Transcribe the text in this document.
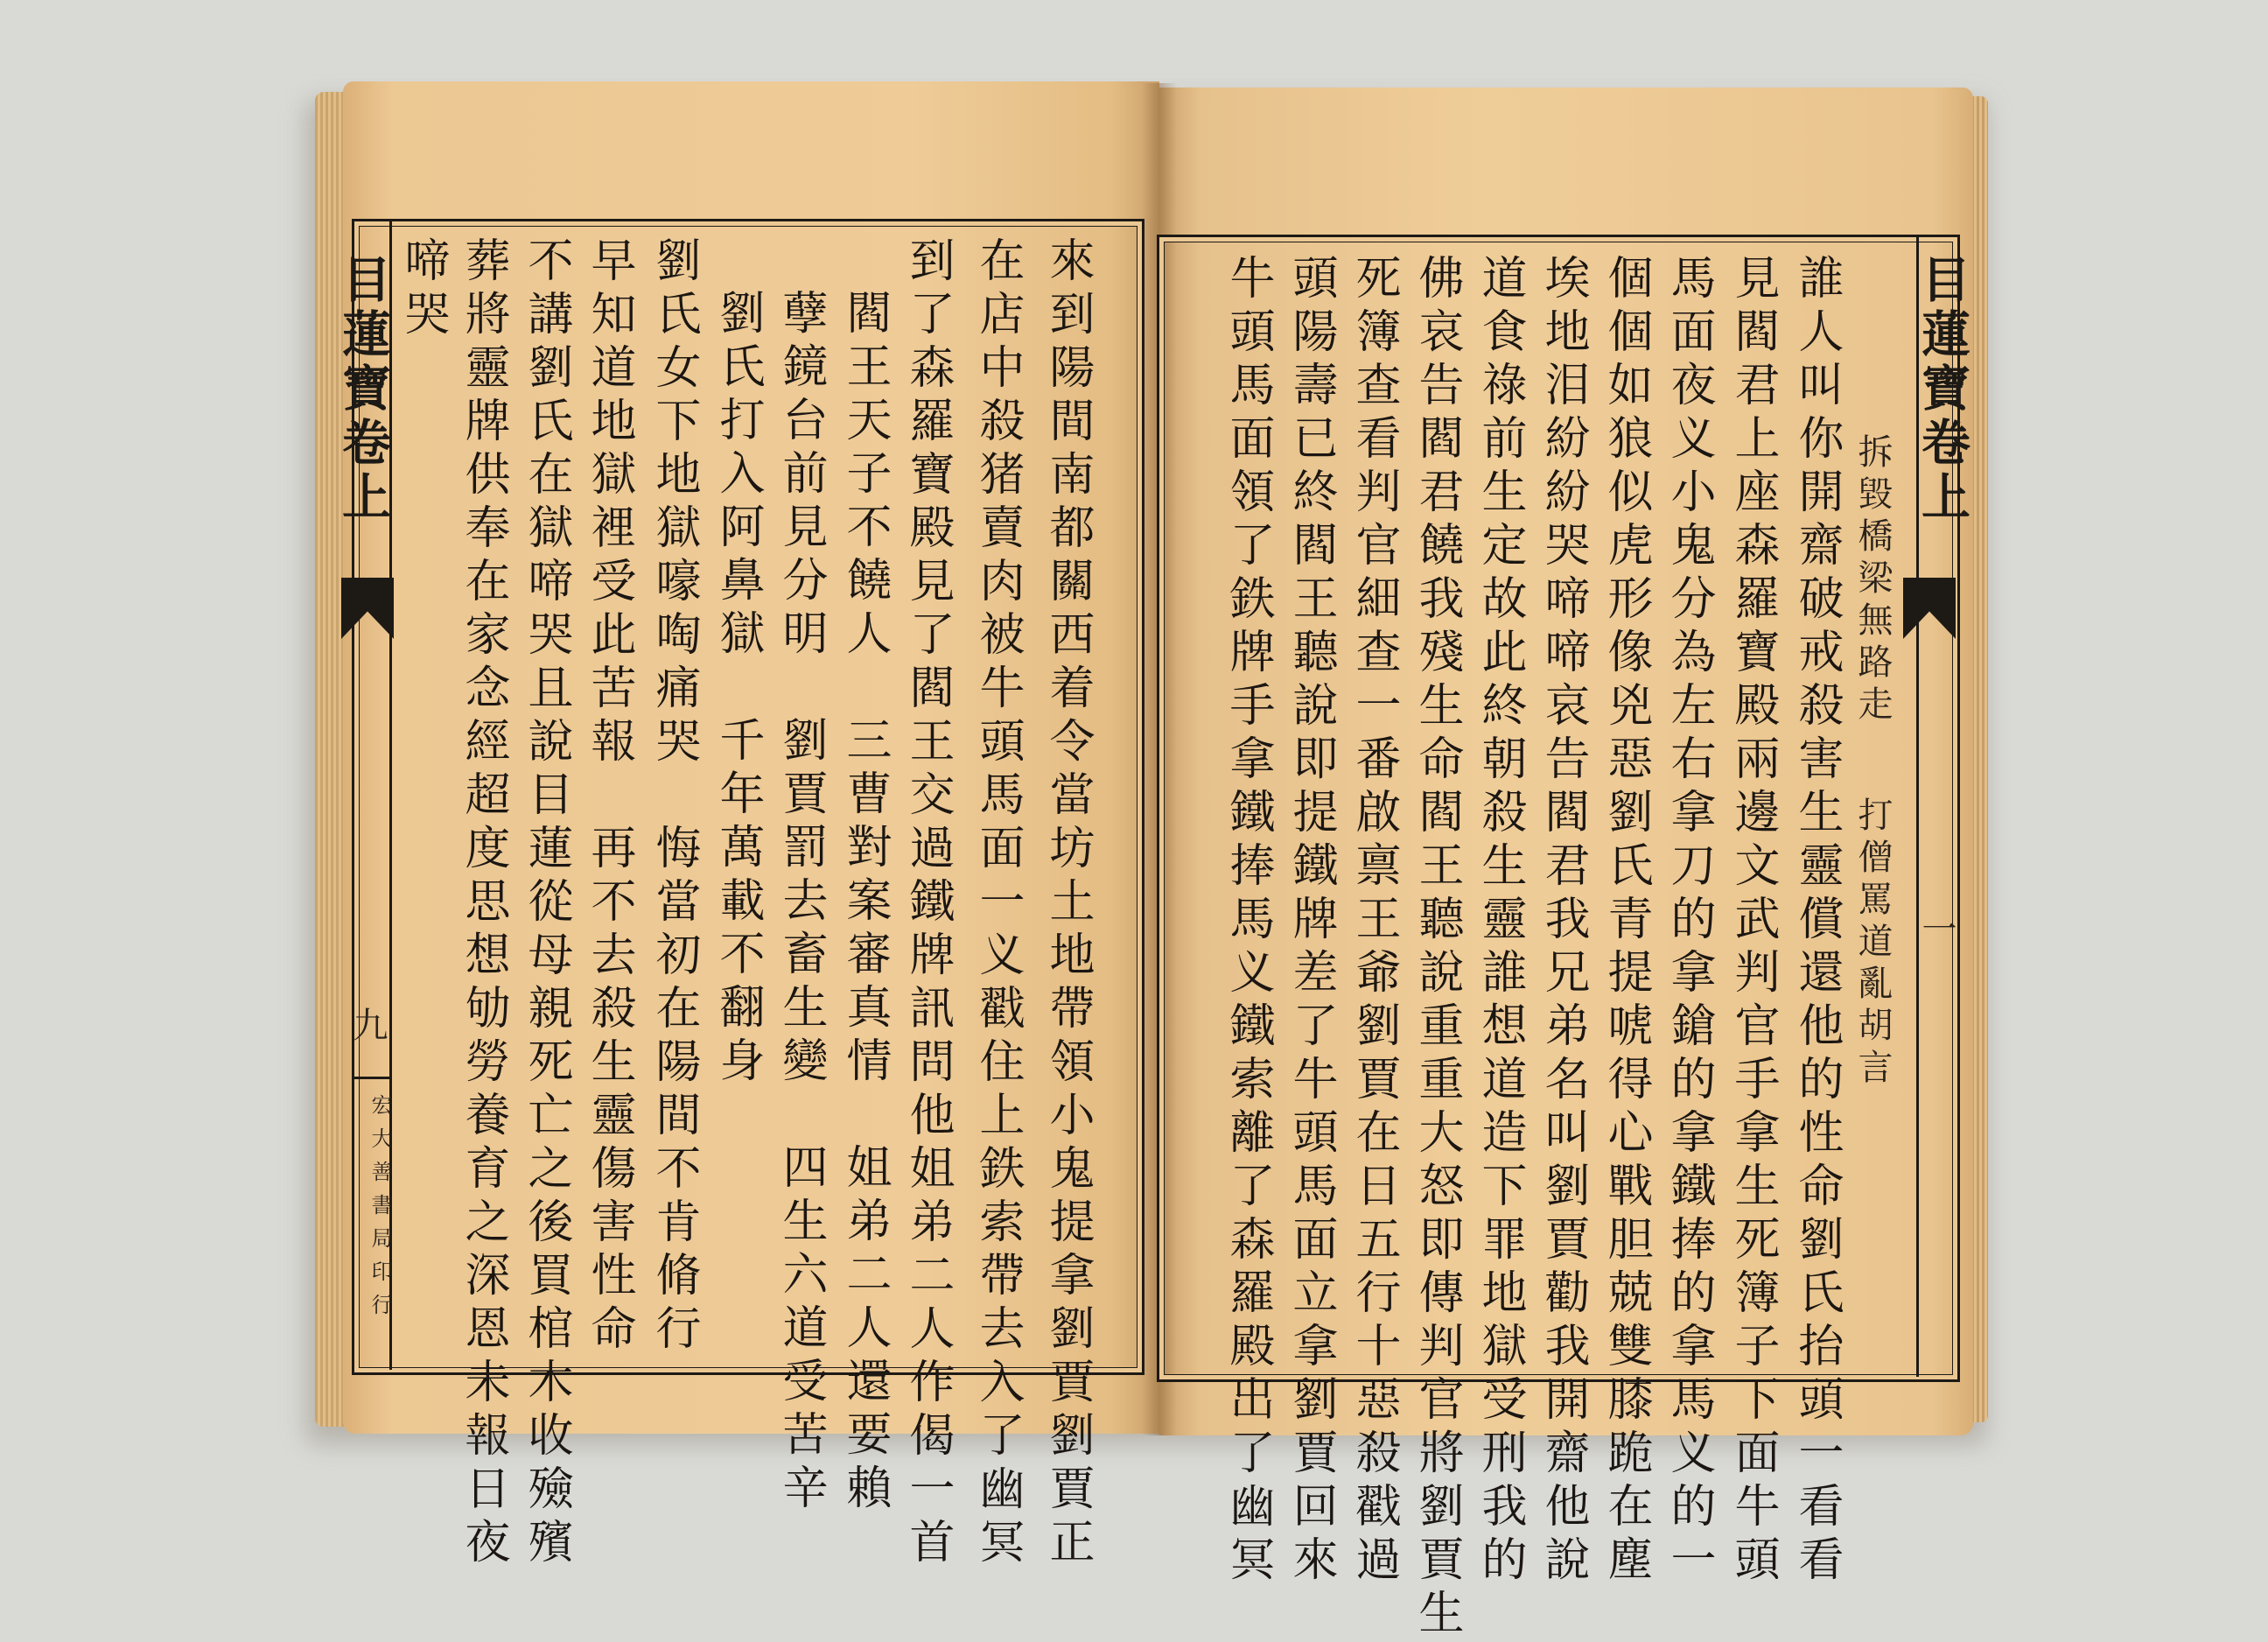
目蓮寶卷上
九
宏大善書局印行	來到陽間南都關西着令當坊土地帶領小鬼提拿劉賈劉賈正
在店中殺猪賣肉被牛頭馬面一义戳住上鉄索帶去入了幽冥
到了森羅寶殿見了閻王交過鐵牌訊問他姐弟二人作偈一首
閻王天子不饒人　三曹對案審真情　姐弟二人還要賴
孽鏡台前見分明　劉賈罰去畜生變　四生六道受苦辛
劉氏打入阿鼻獄　千年萬載不翻身
劉氏女下地獄嚎啕痛哭　悔當初在陽間不肯脩行
早知道地獄裡受此苦報　再不去殺生靈傷害性命
不講劉氏在獄啼哭且說目蓮從母親死亡之後買棺木收殮殯
葬將靈牌供奉在家念經超度思想劬勞養育之深恩未報日夜
啼哭	目蓮寶卷上
一
誰人叫你開齋破戒殺害生靈償還他的性命劉氏抬頭一看看
見閻君上座森羅寶殿兩邊文武判官手拿生死簿子下面牛頭
馬面夜义小鬼分為左右拿刀的拿鎗的拿鐵捧的拿馬义的一
個個如狼似虎形像兇惡劉氏青提唬得心戰胆兢雙膝跪在塵
埃地泪紛紛哭啼啼哀告閻君我兄弟名叫劉賈勸我開齋他說
道食祿前生定故此終朝殺生靈誰想道造下罪地獄受刑我的
佛哀告閻君饒我殘生命閻王聽說重重大怒即傳判官將劉賈生
死簿查看判官細查一番啟禀王爺劉賈在日五行十惡殺戳過
頭陽壽已終閻王聽說即提鐵牌差了牛頭馬面立拿劉賈回來
牛頭馬面領了鉄牌手拿鐵捧馬义鐵索離了森羅殿出了幽冥	拆毀橋梁無路走
打僧罵道亂胡言
